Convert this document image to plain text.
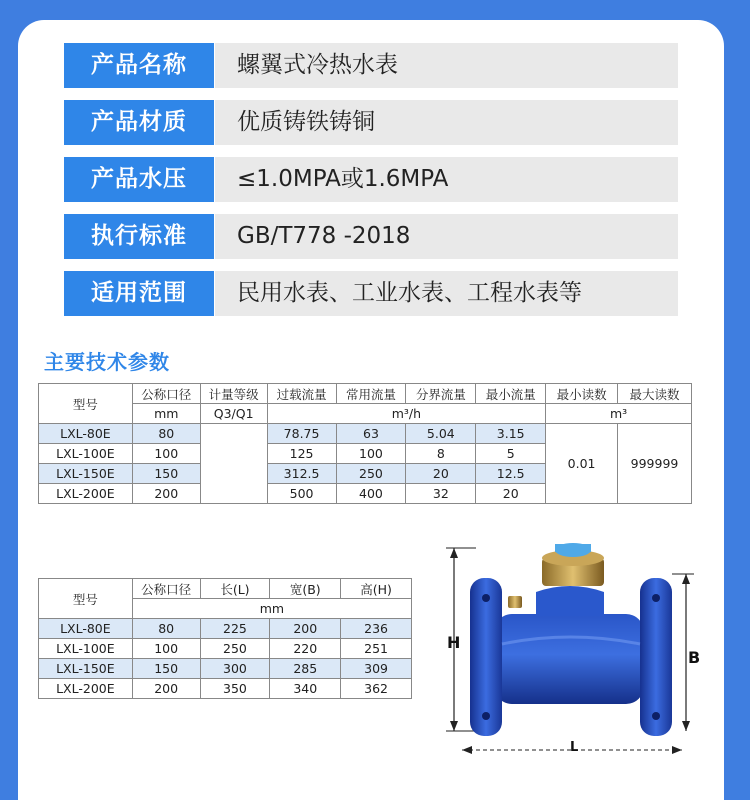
产品名称	螺翼式冷热水表
产品材质	优质铸铁铸铜
产品水压	≤1.0MPA或1.6MPA
执行标准	GB/T778 -2018
适用范围	民用水表、工业水表、工程水表等
主要技术参数
型号	公称口径	计量等级	过载流量	常用流量	分界流量	最小流量	最小读数	最大读数
	mm	Q3/Q1	m³/h				m³	
LXL-80E	80		78.75	63	5.04	3.15	0.01	999999
LXL-100E	100		125	100	8	5		
LXL-150E	150		312.5	250	20	12.5		
LXL-200E	200		500	400	32	20		
型号	公称口径	长(L)	宽(B)	高(H)
	mm			
LXL-80E	80	225	200	236
LXL-100E	100	250	220	251
LXL-150E	150	300	285	309
LXL-200E	200	350	340	362
H
B
L
